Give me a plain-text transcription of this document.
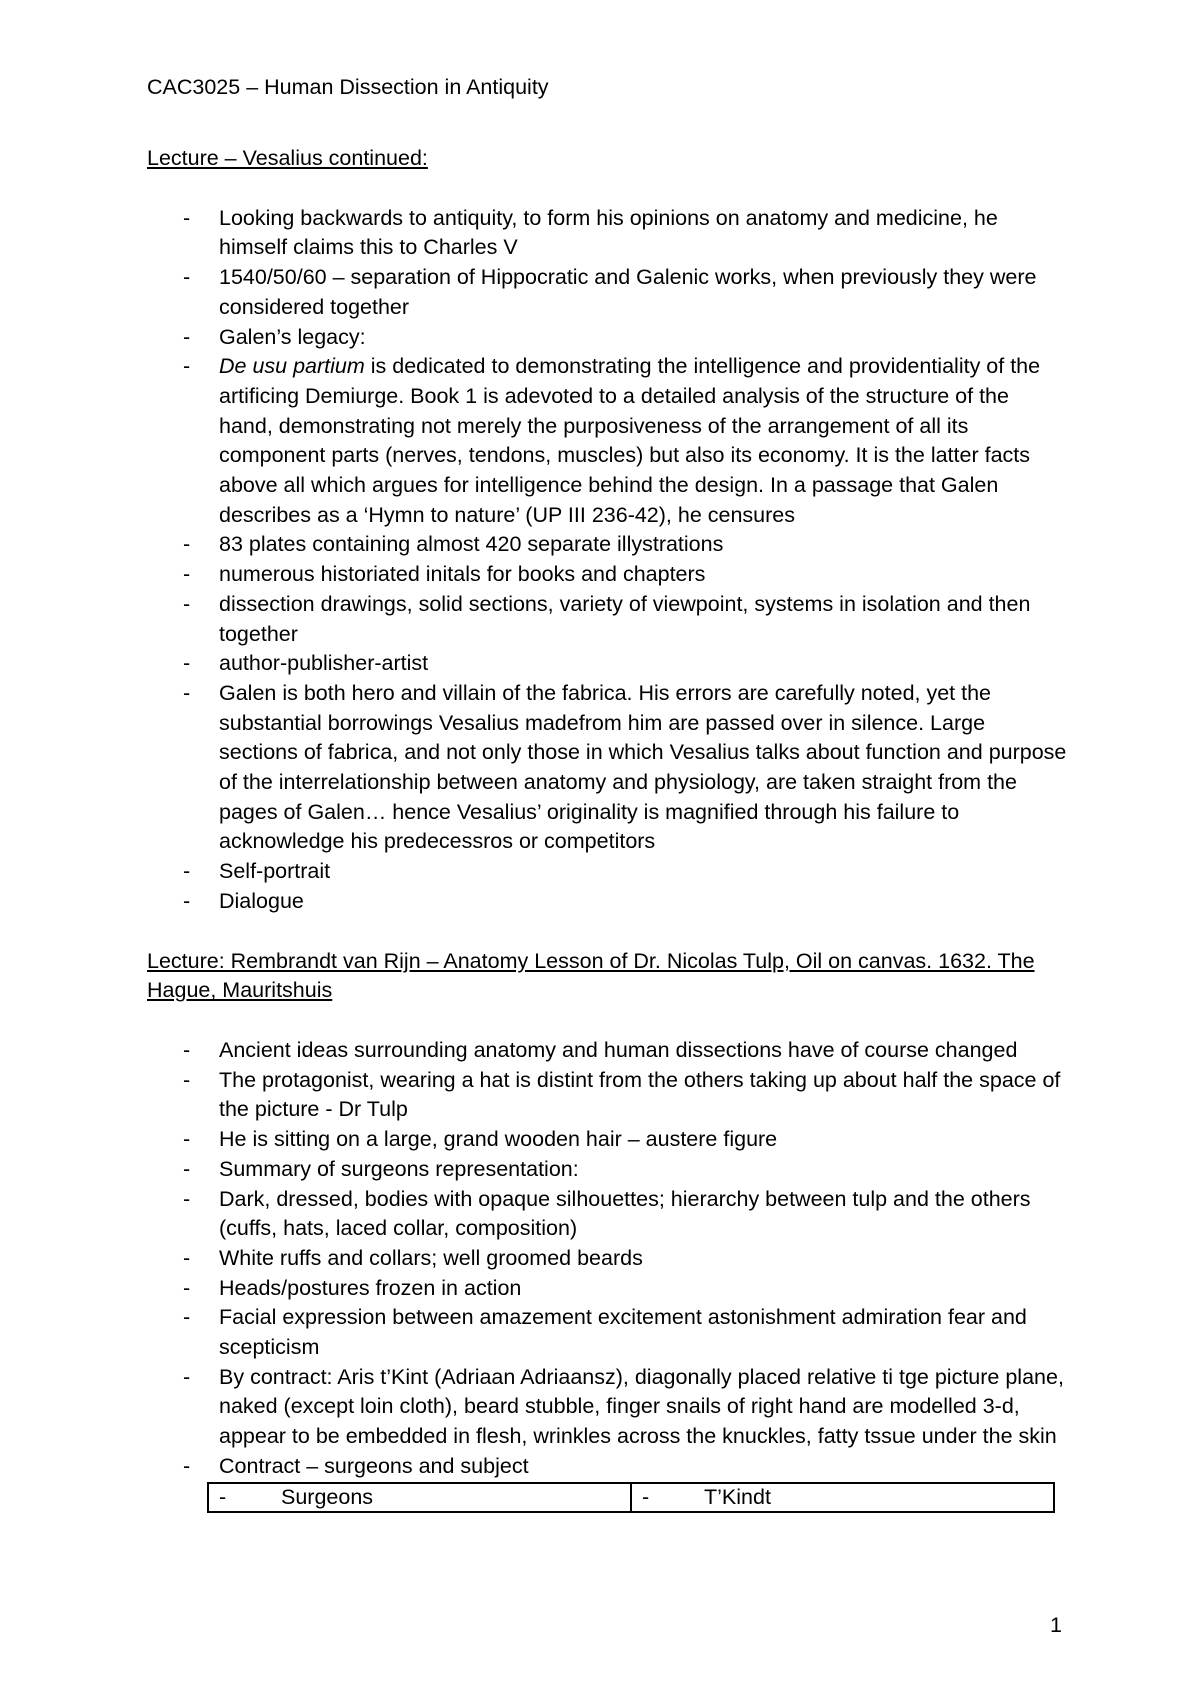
CAC3025 – Human Dissection in Antiquity

Lecture – Vesalius continued:

- Looking backwards to antiquity, to form his opinions on anatomy and medicine, he himself claims this to Charles V
- 1540/50/60 – separation of Hippocratic and Galenic works, when previously they were considered together
- Galen’s legacy:
- De usu partium is dedicated to demonstrating the intelligence and providentiality of the artificing Demiurge. Book 1 is adevoted to a detailed analysis of the structure of the hand, demonstrating not merely the purposiveness of the arrangement of all its component parts (nerves, tendons, muscles) but also its economy. It is the latter facts above all which argues for intelligence behind the design. In a passage that Galen describes as a ‘Hymn to nature’ (UP III 236-42), he censures
- 83 plates containing almost 420 separate illystrations
- numerous historiated initals for books and chapters
- dissection drawings, solid sections, variety of viewpoint, systems in isolation and then together
- author-publisher-artist
- Galen is both hero and villain of the fabrica. His errors are carefully noted, yet the substantial borrowings Vesalius madefrom him are passed over in silence. Large sections of fabrica, and not only those in which Vesalius talks about function and purpose of the interrelationship between anatomy and physiology, are taken straight from the pages of Galen… hence Vesalius’ originality is magnified through his failure to acknowledge his predecessros or competitors
- Self-portrait
- Dialogue

Lecture: Rembrandt van Rijn – Anatomy Lesson of Dr. Nicolas Tulp, Oil on canvas. 1632. The Hague, Mauritshuis

- Ancient ideas surrounding anatomy and human dissections have of course changed
- The protagonist, wearing a hat is distint from the others taking up about half the space of the picture - Dr Tulp
- He is sitting on a large, grand wooden hair – austere figure
- Summary of surgeons representation:
- Dark, dressed, bodies with opaque silhouettes; hierarchy between tulp and the others (cuffs, hats, laced collar, composition)
- White ruffs and collars; well groomed beards
- Heads/postures frozen in action
- Facial expression between amazement excitement astonishment admiration fear and scepticism
- By contract: Aris t’Kint (Adriaan Adriaansz), diagonally placed relative ti tge picture plane, naked (except loin cloth), beard stubble, finger snails of right hand are modelled 3-d, appear to be embedded in flesh, wrinkles across the knuckles, fatty tssue under the skin
- Contract – surgeons and subject
-	Surgeons	-	T’Kindt
1
